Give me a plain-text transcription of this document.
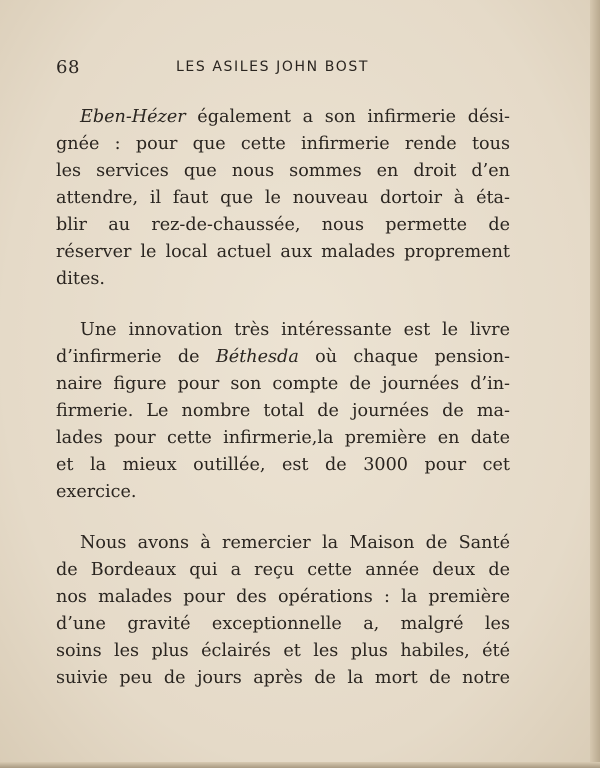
68	LES ASILES JOHN BOST

Eben-Hézer également a son infirmerie dési-
gnée : pour que cette infirmerie rende tous
les services que nous sommes en droit d’en
attendre, il faut que le nouveau dortoir à éta-
blir au rez-de-chaussée, nous permette de
réserver le local actuel aux malades proprement
dites.

Une innovation très intéressante est le livre
d’infirmerie de Béthesda où chaque pension-
naire figure pour son compte de journées d’in-
firmerie. Le nombre total de journées de ma-
lades pour cette infirmerie,la première en date
et la mieux outillée, est de 3000 pour cet
exercice.

Nous avons à remercier la Maison de Santé
de Bordeaux qui a reçu cette année deux de
nos malades pour des opérations : la première
d’une gravité exceptionnelle a, malgré les
soins les plus éclairés et les plus habiles, été
suivie peu de jours après de la mort de notre
